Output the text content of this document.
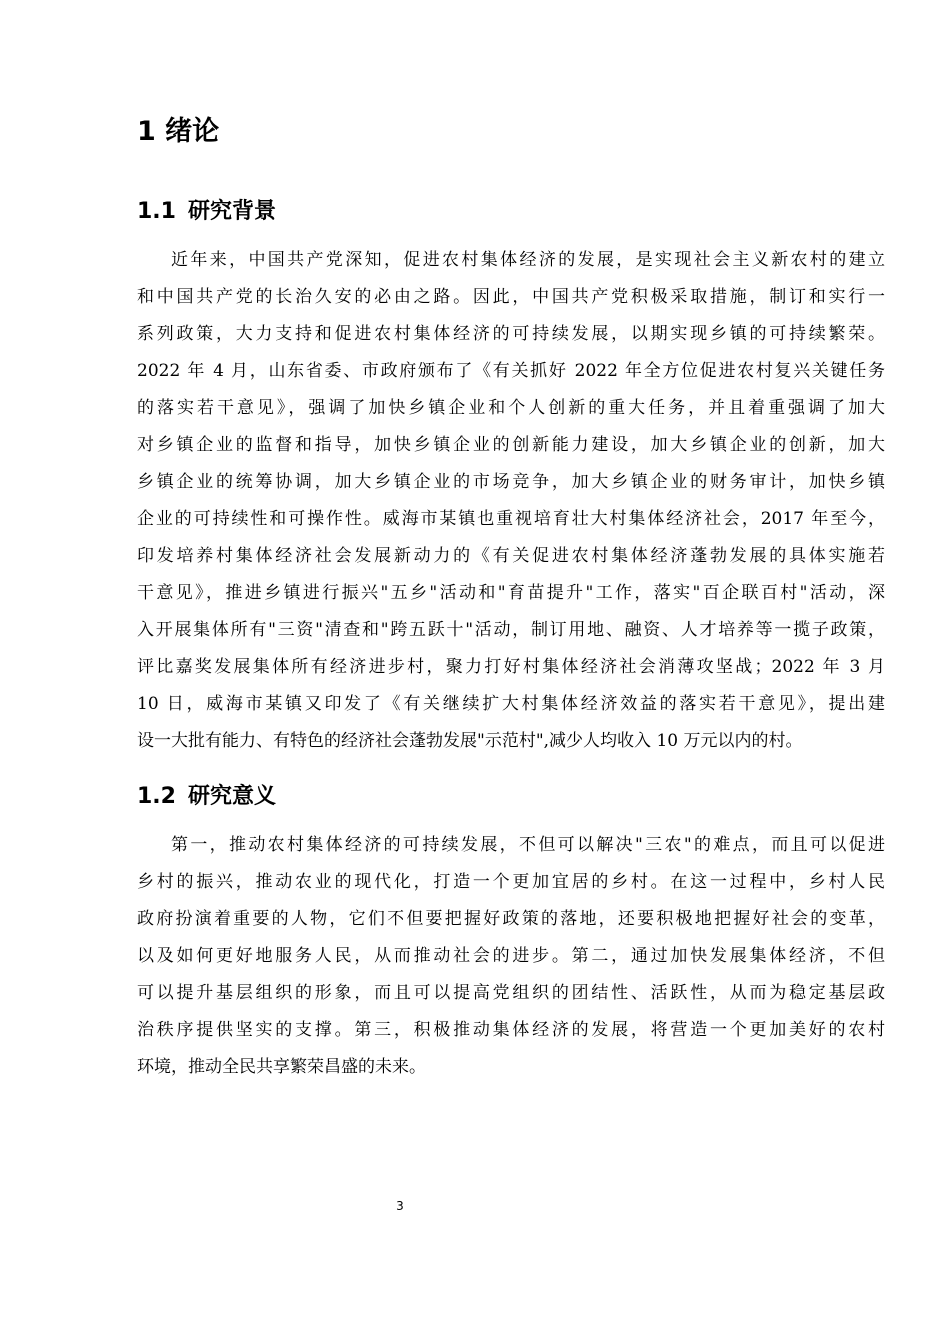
1 绪论
1.1 研究背景
近年来，中国共产党深知，促进农村集体经济的发展，是实现社会主义新农村的建立
和中国共产党的长治久安的必由之路。因此，中国共产党积极采取措施，制订和实行一
系列政策，大力支持和促进农村集体经济的可持续发展，以期实现乡镇的可持续繁荣。
2022 年 4 月，山东省委、市政府颁布了《有关抓好 2022 年全方位促进农村复兴关键任务
的落实若干意见》，强调了加快乡镇企业和个人创新的重大任务，并且着重强调了加大
对乡镇企业的监督和指导，加快乡镇企业的创新能力建设，加大乡镇企业的创新，加大
乡镇企业的统筹协调，加大乡镇企业的市场竞争，加大乡镇企业的财务审计，加快乡镇
企业的可持续性和可操作性。威海市某镇也重视培育壮大村集体经济社会，2017 年至今，
印发培养村集体经济社会发展新动力的《有关促进农村集体经济蓬勃发展的具体实施若
干意见》，推进乡镇进行振兴"五乡"活动和"育苗提升"工作，落实"百企联百村"活动，深
入开展集体所有"三资"清查和"跨五跃十"活动，制订用地、融资、人才培养等一揽子政策，
评比嘉奖发展集体所有经济进步村，聚力打好村集体经济社会消薄攻坚战；2022 年 3 月
10 日，威海市某镇又印发了《有关继续扩大村集体经济效益的落实若干意见》，提出建
设一大批有能力、有特色的经济社会蓬勃发展"示范村",减少人均收入 10 万元以内的村。
1.2 研究意义
第一，推动农村集体经济的可持续发展，不但可以解决"三农"的难点，而且可以促进
乡村的振兴，推动农业的现代化，打造一个更加宜居的乡村。在这一过程中，乡村人民
政府扮演着重要的人物，它们不但要把握好政策的落地，还要积极地把握好社会的变革，
以及如何更好地服务人民，从而推动社会的进步。第二，通过加快发展集体经济，不但
可以提升基层组织的形象，而且可以提高党组织的团结性、活跃性，从而为稳定基层政
治秩序提供坚实的支撑。第三，积极推动集体经济的发展，将营造一个更加美好的农村
环境，推动全民共享繁荣昌盛的未来。
3
